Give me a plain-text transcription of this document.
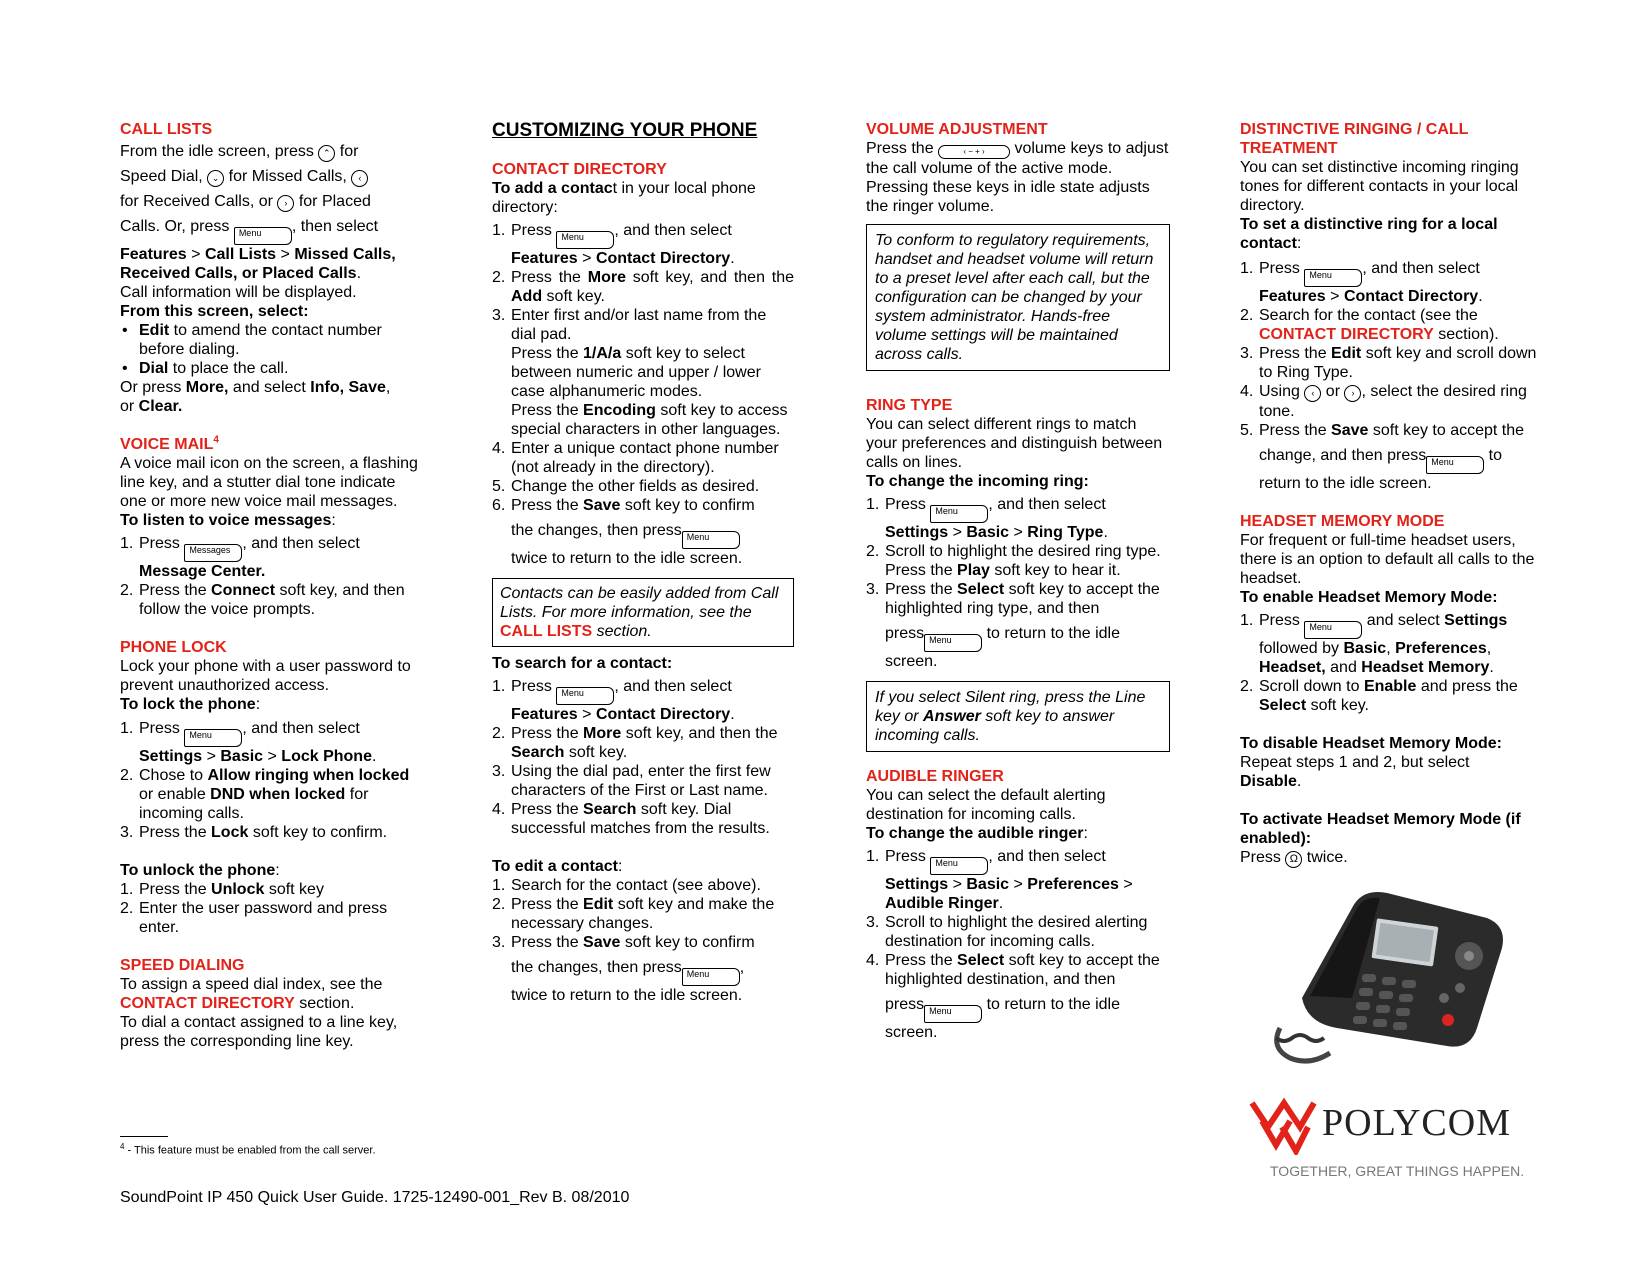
CALL LISTS

From the idle screen, press ⌃ for

Speed Dial, ⌄ for Missed Calls, ‹

for Received Calls, or › for Placed

Calls. Or, press Menu , then select

Features > Call Lists > Missed Calls, Received Calls, or Placed Calls.

Call information will be displayed.

From this screen, select:

• Edit to amend the contact number before dialing.
• Dial to place the call.

Or press More, and select Info, Save,
or Clear.

VOICE MAIL$^4$

A voice mail icon on the screen, a flashing line key, and a stutter dial tone indicate one or more new voice mail messages.

To listen to voice messages:

1. Press Messages , and then select Message Center.
2. Press the Connect soft key, and then follow the voice prompts.
PHONE LOCK

Lock your phone with a user password to prevent unauthorized access.

To lock the phone:

1. Press Menu , and then select Settings > Basic > Lock Phone.
2. Chose to Allow ringing when locked or enable DND when locked for incoming calls.
3. Press the Lock soft key to confirm.

To unlock the phone:

1. Press the Unlock soft key
2. Enter the user password and press enter.
SPEED DIALING

To assign a speed dial index, see the CONTACT DIRECTORY section.

To dial a contact assigned to a line key, press the corresponding line key.

CUSTOMIZING YOUR PHONE
CONTACT DIRECTORY

To add a contact in your local phone directory:

1. Press Menu , and then select Features > Contact Directory.
2. Press the More soft key, and then the Add soft key.
3. Enter first and/or last name from the dial pad.
Press the 1/A/a soft key to select between numeric and upper / lower case alphanumeric modes.
Press the Encoding soft key to access special characters in other languages.
4. Enter a unique contact phone number (not already in the directory).
5. Change the other fields as desired.
6. Press the Save soft key to confirm
the changes, then pressMenu
twice to return to the idle screen.
Contacts can be easily added from Call Lists. For more information, see the CALL LISTS section.

To search for a contact:

1. Press Menu , and then select Features > Contact Directory.
2. Press the More soft key, and then the Search soft key.
3. Using the dial pad, enter the first few characters of the First or Last name.
4. Press the Search soft key. Dial successful matches from the results.

To edit a contact:

1. Search for the contact (see above).
2. Press the Edit soft key and make the necessary changes.
3. Press the Save soft key to confirm
the changes, then pressMenu ,
twice to return to the idle screen.
VOLUME ADJUSTMENT

Press the	‹ − + › volume keys to adjust the call volume of the active mode. Pressing these keys in idle state adjusts the ringer volume.

To conform to regulatory requirements, handset and headset volume will return to a preset level after each call, but the configuration can be changed by your system administrator. Hands-free volume settings will be maintained across calls.
RING TYPE

You can select different rings to match your preferences and distinguish between calls on lines.

To change the incoming ring:

1. Press Menu , and then select Settings > Basic > Ring Type.
2. Scroll to highlight the desired ring type. Press the Play soft key to hear it.
3. Press the Select soft key to accept the highlighted ring type, and then
pressMenu to return to the idle screen.
If you select Silent ring, press the Line key or Answer soft key to answer incoming calls.
AUDIBLE RINGER

You can select the default alerting destination for incoming calls.

To change the audible ringer:

1. Press Menu , and then select Settings > Basic > Preferences > Audible Ringer.
3. Scroll to highlight the desired alerting destination for incoming calls.
4. Press the Select soft key to accept the highlighted destination, and then
pressMenu to return to the idle screen.
DISTINCTIVE RINGING / CALL TREATMENT

You can set distinctive incoming ringing tones for different contacts in your local directory.

To set a distinctive ring for a local contact:

1. Press Menu , and then select Features > Contact Directory.
2. Search for the contact (see the CONTACT DIRECTORY section).
3. Press the Edit soft key and scroll down to Ring Type.
4. Using ‹ or › , select the desired ring tone.
5. Press the Save soft key to accept the
change, and then pressMenu to
return to the idle screen.
HEADSET MEMORY MODE

For frequent or full-time headset users, there is an option to default all calls to the headset.

To enable Headset Memory Mode:

1. Press Menu and select Settings followed by Basic, Preferences, Headset, and Headset Memory.
2. Scroll down to Enable and press the Select soft key.

To disable Headset Memory Mode:

Repeat steps 1 and 2, but select
Disable.

To activate Headset Memory Mode (if enabled):

Press Ω twice.

POLYCOM
TOGETHER, GREAT THINGS HAPPEN.
$^4$ - This feature must be enabled from the call server.
SoundPoint IP 450 Quick User Guide. 1725-12490-001_Rev B. 08/2010
